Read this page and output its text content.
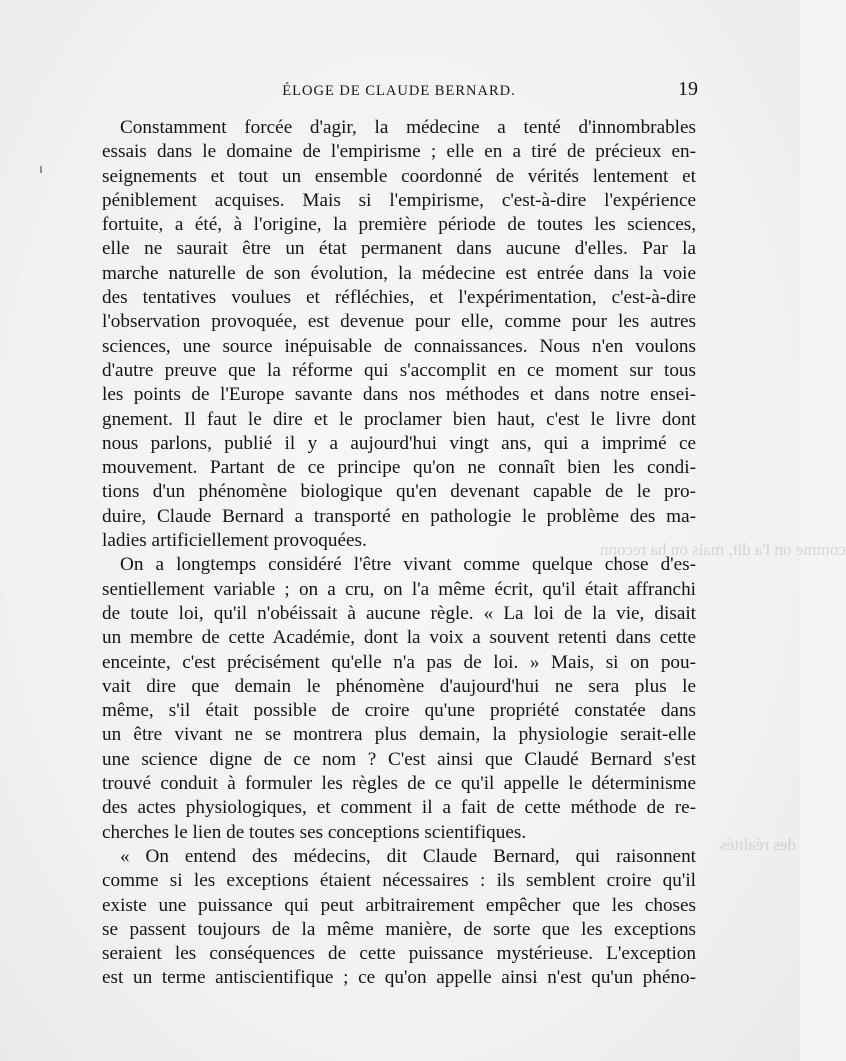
comme on l'a dit, mais on ha reconn
des réalités
ÉLOGE DE CLAUDE BERNARD.	19
Constamment forcée d'agir, la médecine a tenté d'innombrables
essais dans le domaine de l'empirisme ; elle en a tiré de précieux en-
seignements et tout un ensemble coordonné de vérités lentement et
péniblement acquises. Mais si l'empirisme, c'est-à-dire l'expérience
fortuite, a été, à l'origine, la première période de toutes les sciences,
elle ne saurait être un état permanent dans aucune d'elles. Par la
marche naturelle de son évolution, la médecine est entrée dans la voie
des tentatives voulues et réfléchies, et l'expérimentation, c'est-à-dire
l'observation provoquée, est devenue pour elle, comme pour les autres
sciences, une source inépuisable de connaissances. Nous n'en voulons
d'autre preuve que la réforme qui s'accomplit en ce moment sur tous
les points de l'Europe savante dans nos méthodes et dans notre ensei-
gnement. Il faut le dire et le proclamer bien haut, c'est le livre dont
nous parlons, publié il y a aujourd'hui vingt ans, qui a imprimé ce
mouvement. Partant de ce principe qu'on ne connaît bien les condi-
tions d'un phénomène biologique qu'en devenant capable de le pro-
duire, Claude Bernard a transporté en pathologie le problème des ma-
ladies artificiellement provoquées.
On a longtemps considéré l'être vivant comme quelque chose d'es-
sentiellement variable ; on a cru, on l'a même écrit, qu'il était affranchi
de toute loi, qu'il n'obéissait à aucune règle. « La loi de la vie, disait
un membre de cette Académie, dont la voix a souvent retenti dans cette
enceinte, c'est précisément qu'elle n'a pas de loi. » Mais, si on pou-
vait dire que demain le phénomène d'aujourd'hui ne sera plus le
même, s'il était possible de croire qu'une propriété constatée dans
un être vivant ne se montrera plus demain, la physiologie serait-elle
une science digne de ce nom ? C'est ainsi que Claudé Bernard s'est
trouvé conduit à formuler les règles de ce qu'il appelle le déterminisme
des actes physiologiques, et comment il a fait de cette méthode de re-
cherches le lien de toutes ses conceptions scientifiques.
« On entend des médecins, dit Claude Bernard, qui raisonnent
comme si les exceptions étaient nécessaires : ils semblent croire qu'il
existe une puissance qui peut arbitrairement empêcher que les choses
se passent toujours de la même manière, de sorte que les exceptions
seraient les conséquences de cette puissance mystérieuse. L'exception
est un terme antiscientifique ; ce qu'on appelle ainsi n'est qu'un phéno-
